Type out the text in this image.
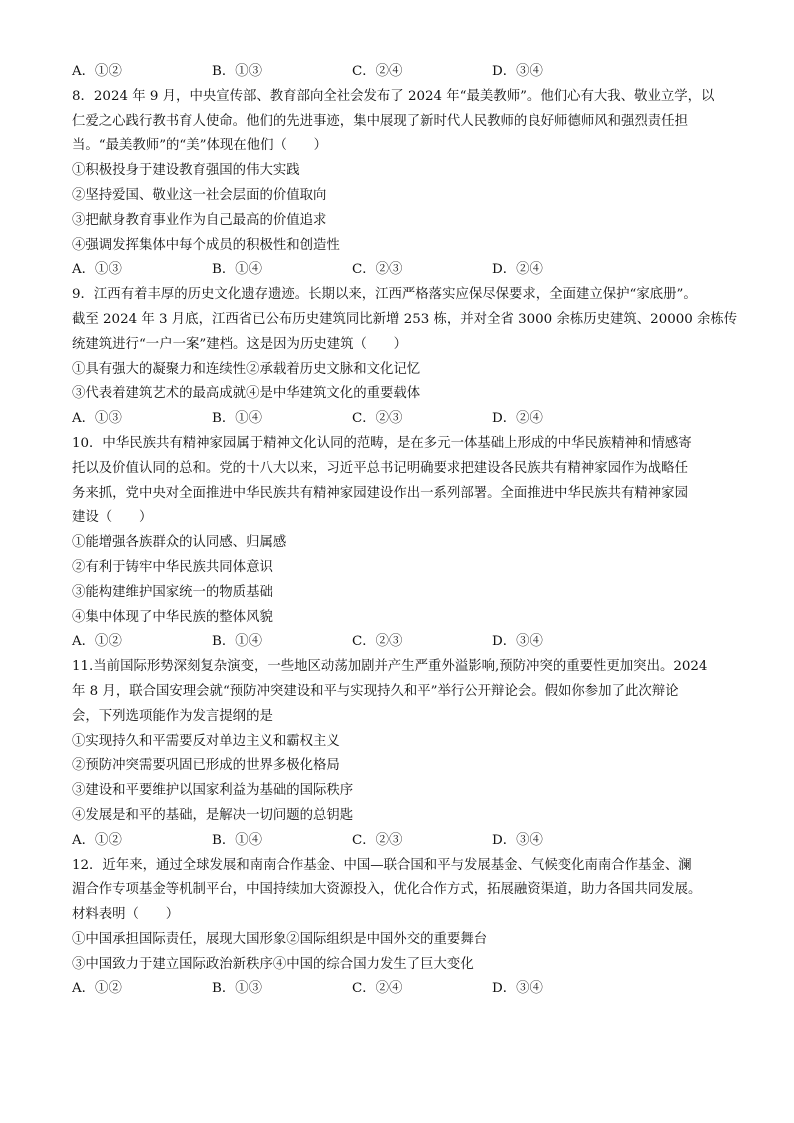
A．①②	B．①③	C．②④	D．③④
8．2024 年 9 月，中央宣传部、教育部向全社会发布了 2024 年“最美教师”。他们心有大我、敬业立学，以
仁爱之心践行教书育人使命。他们的先进事迹，集中展现了新时代人民教师的良好师德师风和强烈责任担
当。“最美教师”的“美”体现在他们（　　）
①积极投身于建设教育强国的伟大实践
②坚持爱国、敬业这一社会层面的价值取向
③把献身教育事业作为自己最高的价值追求
④强调发挥集体中每个成员的积极性和创造性
A．①③	B．①④	C．②③	D．②④
9．江西有着丰厚的历史文化遗存遗迹。长期以来，江西严格落实应保尽保要求，全面建立保护“家底册”。
截至 2024 年 3 月底，江西省已公布历史建筑同比新增 253 栋，并对全省 3000 余栋历史建筑、20000 余栋传
统建筑进行“一户一案”建档。这是因为历史建筑（　　）
①具有强大的凝聚力和连续性②承载着历史文脉和文化记忆
③代表着建筑艺术的最高成就④是中华建筑文化的重要载体
A．①③	B．①④	C．②③	D．②④
10．中华民族共有精神家园属于精神文化认同的范畴，是在多元一体基础上形成的中华民族精神和情感寄
托以及价值认同的总和。党的十八大以来，习近平总书记明确要求把建设各民族共有精神家园作为战略任
务来抓，党中央对全面推进中华民族共有精神家园建设作出一系列部署。全面推进中华民族共有精神家园
建设（　　）
①能增强各族群众的认同感、归属感
②有利于铸牢中华民族共同体意识
③能构建维护国家统一的物质基础
④集中体现了中华民族的整体风貌
A．①②	B．①④	C．②③	D．③④
11.当前国际形势深刻复杂演变，一些地区动荡加剧并产生严重外溢影响,预防冲突的重要性更加突出。2024
年 8 月，联合国安理会就“预防冲突建设和平与实现持久和平”举行公开辩论会。假如你参加了此次辩论
会，下列选项能作为发言提纲的是
①实现持久和平需要反对单边主义和霸权主义
②预防冲突需要巩固已形成的世界多极化格局
③建设和平要维护以国家利益为基础的国际秩序
④发展是和平的基础，是解决一切问题的总钥匙
A．①②	B．①④	C．②③	D．③④
12．近年来，通过全球发展和南南合作基金、中国—联合国和平与发展基金、气候变化南南合作基金、澜
湄合作专项基金等机制平台，中国持续加大资源投入，优化合作方式，拓展融资渠道，助力各国共同发展。
材料表明（　　）
①中国承担国际责任，展现大国形象②国际组织是中国外交的重要舞台
③中国致力于建立国际政治新秩序④中国的综合国力发生了巨大变化
A．①②	B．①③	C．②④	D．③④
